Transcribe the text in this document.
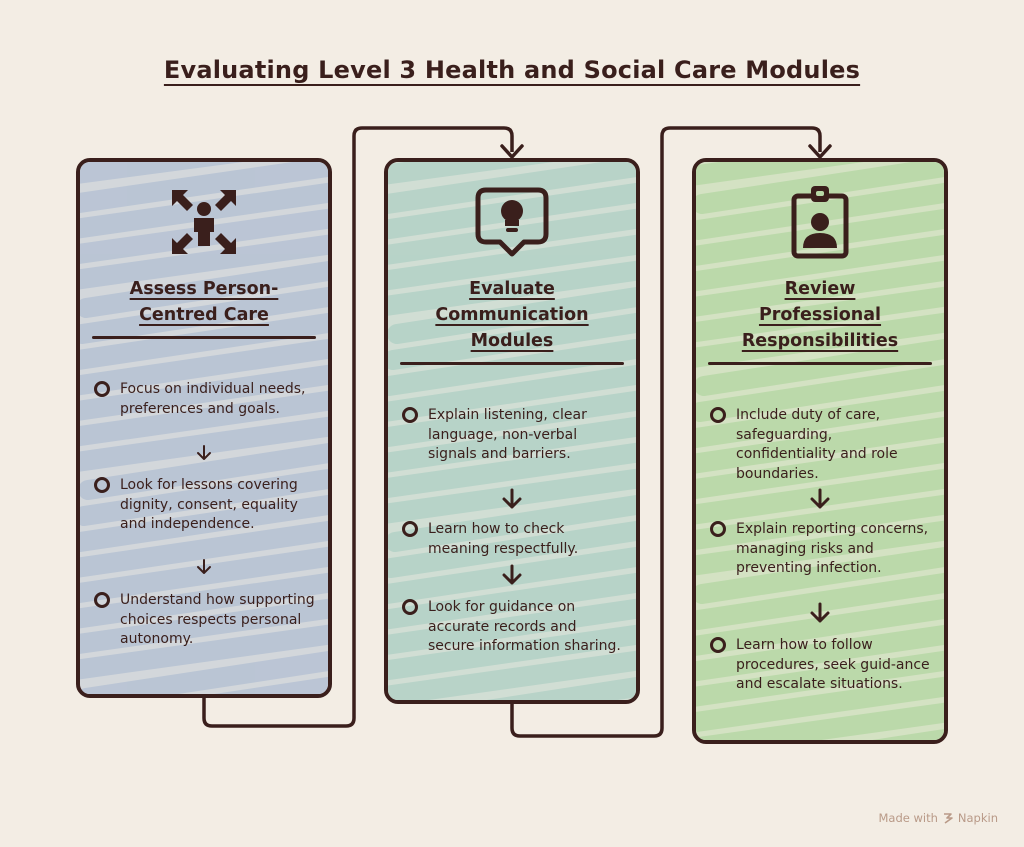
Evaluating Level 3 Health and Social Care Modules
Assess Person-
Centred Care
Focus on individual needs, preferences and goals.
Look for lessons covering dignity, consent, equality and independence.
Understand how supporting choices respects personal autonomy.
Evaluate
Communication
Modules
Explain listening, clear language, non-verbal signals and barriers.
Learn how to check meaning respectfully.
Look for guidance on accurate records and secure information sharing.
Review
Professional
Responsibilities
Include duty of care, safeguarding, confidentiality and role boundaries.
Explain reporting concerns, managing risks and preventing infection.
Learn how to follow procedures, seek guid-ance and escalate situations.
Made with Napkin
